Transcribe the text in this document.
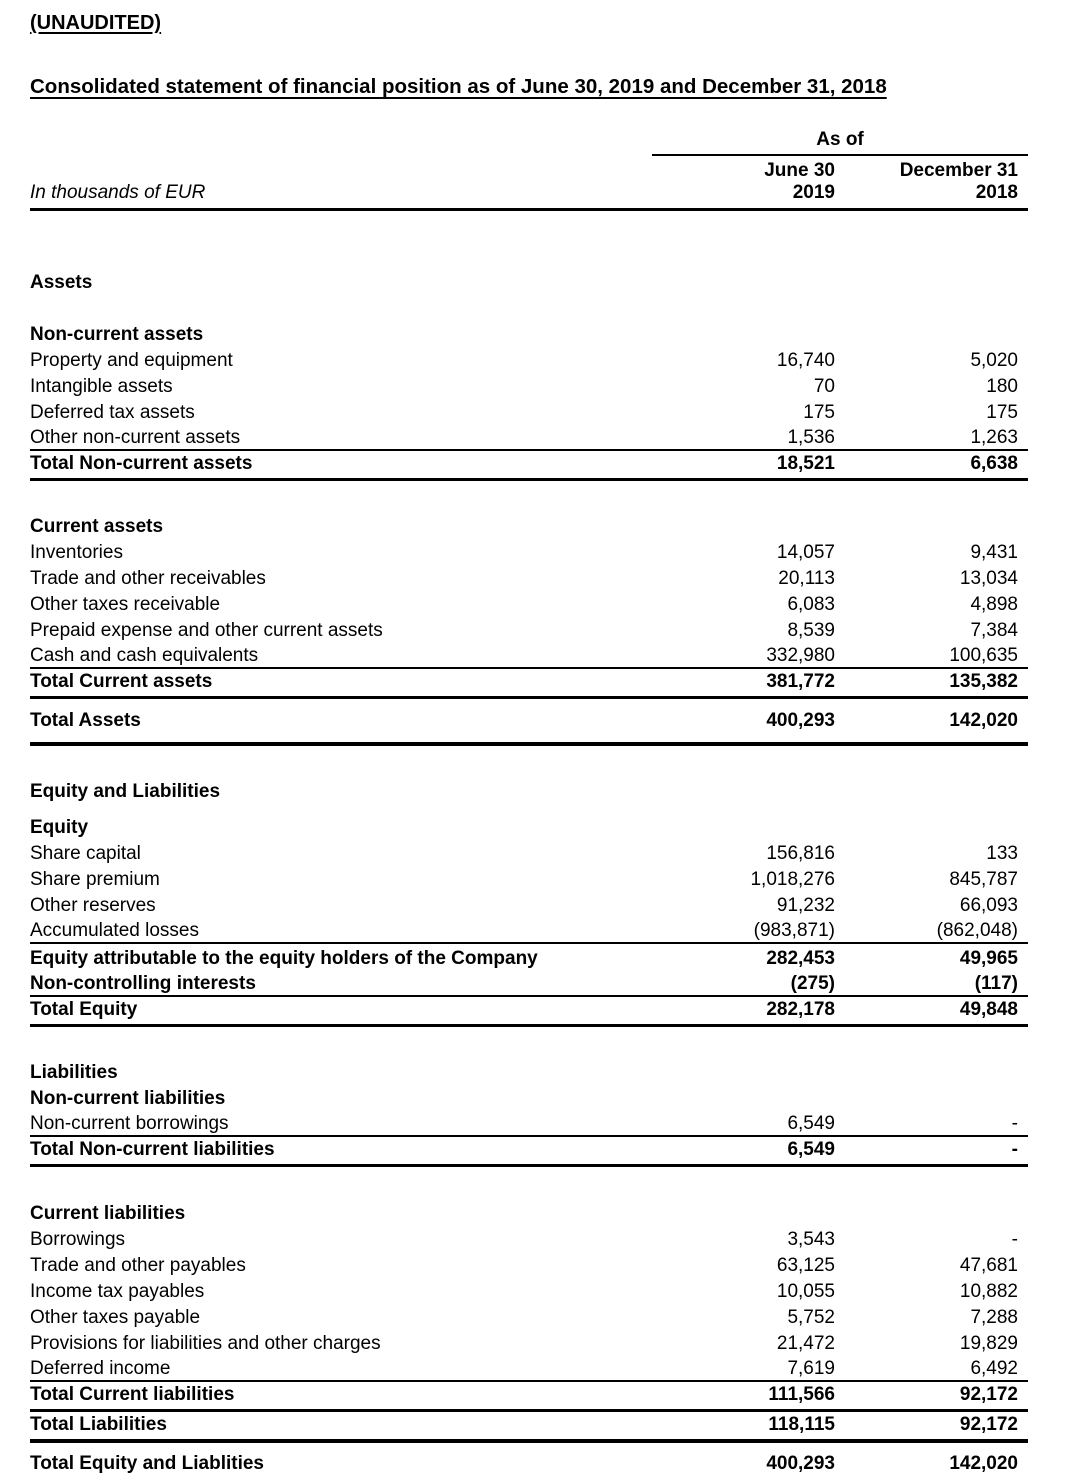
(UNAUDITED)
Consolidated statement of financial position as of June 30, 2019 and December 31, 2018

	As of	

	June 30	December 31
In thousands of EUR	2019	2018

Assets		

Non-current assets		
Property and equipment	16,740	5,020
Intangible assets	70	180
Deferred tax assets	175	175
Other non-current assets	1,536	1,263
Total Non-current assets	18,521	6,638

Current assets		
Inventories	14,057	9,431
Trade and other receivables	20,113	13,034
Other taxes receivable	6,083	4,898
Prepaid expense and other current assets	8,539	7,384
Cash and cash equivalents	332,980	100,635
Total Current assets	381,772	135,382
Total Assets	400,293	142,020

Equity and Liabilities		

Equity		
Share capital	156,816	133
Share premium	1,018,276	845,787
Other reserves	91,232	66,093
Accumulated losses	(983,871)	(862,048)
Equity attributable to the equity holders of the Company	282,453	49,965
Non-controlling interests	(275)	(117)
Total Equity	282,178	49,848

Liabilities		
Non-current liabilities		
Non-current borrowings	6,549	-
Total Non-current liabilities	6,549	-

Current liabilities		
Borrowings	3,543	-
Trade and other payables	63,125	47,681
Income tax payables	10,055	10,882
Other taxes payable	5,752	7,288
Provisions for liabilities and other charges	21,472	19,829
Deferred income	7,619	6,492
Total Current liabilities	111,566	92,172
Total Liabilities	118,115	92,172
Total Equity and Liablities	400,293	142,020
